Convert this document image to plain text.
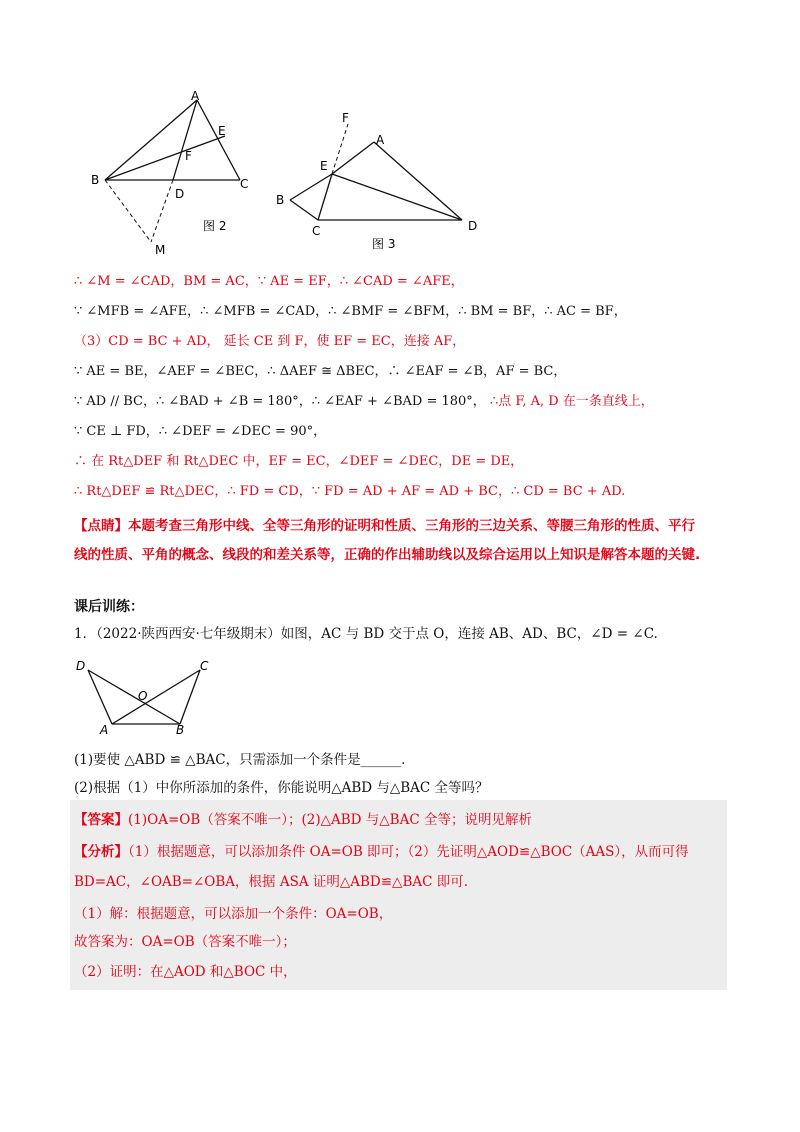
A
E
F
B
D
C
M
图 2
F
A
E
B
C	D
图 3
∴ ∠M = ∠CAD，BM = AC，∵ AE = EF，∴ ∠CAD = ∠AFE，
∵ ∠MFB = ∠AFE，∴ ∠MFB = ∠CAD，∴ ∠BMF = ∠BFM，∴ BM = BF，∴ AC = BF，
（3）CD = BC + AD， 延长 CE 到 F，使 EF = EC，连接 AF，
∵ AE = BE，∠AEF = ∠BEC，∴ ΔAEF ≅ ΔBEC，∴ ∠EAF = ∠B，AF = BC，
∵ AD // BC，∴ ∠BAD + ∠B = 180°，∴ ∠EAF + ∠BAD = 180°， ∴点 F, A, D 在一条直线上，
∵ CE ⊥ FD，∴ ∠DEF = ∠DEC = 90°，
∴ 在 Rt△DEF 和 Rt△DEC 中，EF = EC，∠DEF = ∠DEC，DE = DE，
∴ Rt△DEF ≌ Rt△DEC，∴ FD = CD，∵ FD = AD + AF = AD + BC，∴ CD = BC + AD.
【点睛】本题考查三角形中线、全等三角形的证明和性质、三角形的三边关系、等腰三角形的性质、平行
线的性质、平角的概念、线段的和差关系等，正确的作出辅助线以及综合运用以上知识是解答本题的关键.
课后训练：
1．（2022·陕西西安·七年级期末）如图，AC 与 BD 交于点 O，连接 AB、AD、BC，∠D = ∠C.
D	C
O
A	B
(1)要使 △ABD ≌ △BAC，只需添加一个条件是______.
(2)根据（1）中你所添加的条件，你能说明△ABD 与△BAC 全等吗？
【答案】(1)OA=OB（答案不唯一）；(2)△ABD 与△BAC 全等；说明见解析
【分析】（1）根据题意，可以添加条件 OA=OB 即可；（2）先证明△AOD≌△BOC（AAS），从而可得
BD=AC，∠OAB=∠OBA，根据 ASA 证明△ABD≌△BAC 即可.
（1）解：根据题意，可以添加一个条件：OA=OB，
故答案为：OA=OB（答案不唯一）；
（2）证明：在△AOD 和△BOC 中，
